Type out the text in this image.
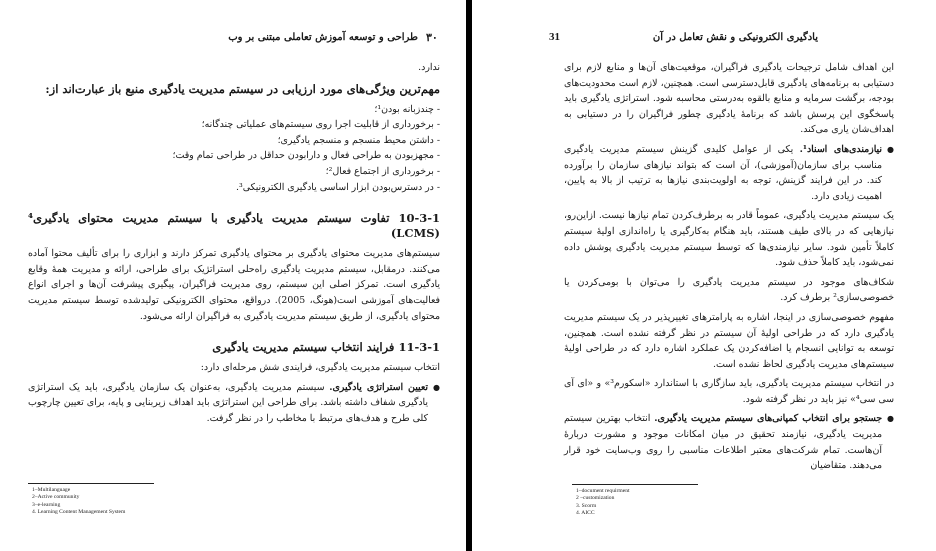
۳۰
طراحی و توسعه آموزش تعاملی مبتنی بر وب

ندارد.

مهم‌ترین ویژگی‌های مورد ارزیابی در سیستم مدیریت یادگیری منبع باز عبارت‌اند از:
- چندزبانه بودن¹؛
- برخورداری از قابلیت اجرا روی سیستم‌های عملیاتی چندگانه؛
- داشتن محیط منسجم و منسجم یادگیری؛
- مجهزبودن به طراحی فعال و دارابودن حداقل در طراحی تمام وقت؛
- برخورداری از اجتماع فعال²؛
- در دسترس‌بودن ابزار اساسی یادگیری الکترونیکی³.
10-3-1 تفاوت سیستم مدیریت یادگیری با سیستم مدیریت محتوای یادگیری⁴ (LCMS)

سیستم‌های مدیریت محتوای یادگیری بر محتوای یادگیری تمرکز دارند و ابزاری را برای تألیف محتوا آماده می‌کنند. درمقابل، سیستم مدیریت یادگیری راه‌حلی استراتژیک برای طراحی، ارائه و مدیریت همهٔ وقایع یادگیری است. تمرکز اصلی این سیستم، روی مدیریت فراگیران، پیگیری پیشرفت آن‌ها و اجرای انواع فعالیت‌های آموزشی است(هونگ، 2005). درواقع، محتوای الکترونیکی تولیدشده توسط سیستم مدیریت محتوای یادگیری، از طریق سیستم مدیریت یادگیری به فراگیران ارائه می‌شود.

11-3-1 فرایند انتخاب سیستم مدیریت یادگیری

انتخاب سیستم مدیریت یادگیری، فرایندی شش مرحله‌ای دارد:

● تعیین استراتژی یادگیری. سیستم مدیریت یادگیری، به‌عنوان یک سازمان یادگیری، باید یک استراتژی یادگیری شفاف داشته باشد. برای طراحی این استراتژی باید اهداف زیربنایی و پایه، برای تعیین چارچوب کلی طرح و هدف‌های مرتبط با مخاطب را در نظر گرفت.
1–Multilanguage
2–Active community
3–e-learning
4. Learning Content Management System
31	یادگیری الکترونیکی و نقش تعامل در آن

این اهداف شامل ترجیحات یادگیری فراگیران، موقعیت‌های آن‌ها و منابع لازم برای دستیابی به برنامه‌های یادگیری قابل‌دسترسی است. همچنین، لازم است محدودیت‌های بودجه، برگشت سرمایه و منابع بالقوه به‌درستی محاسبه شود. استراتژی یادگیری باید پاسخگوی این پرسش باشد که برنامهٔ یادگیری چطور فراگیران را در دستیابی به اهداف‌شان یاری می‌کند.

● نیازمندی‌های اسناد¹. یکی از عوامل کلیدی گزینش سیستم مدیریت یادگیری مناسب برای سازمان(آموزشی)، آن است که بتواند نیازهای سازمان را برآورده کند. در این فرایند گزینش، توجه به اولویت‌بندی نیازها به ترتیب از بالا به پایین، اهمیت زیادی دارد.

یک سیستم مدیریت یادگیری، عموماً قادر به برطرف‌کردن تمام نیازها نیست. ازاین‌رو، نیازهایی که در بالای طیف هستند، باید هنگام به‌کارگیری یا راه‌اندازی اولیهٔ سیستم کاملاً تأمین شود. سایر نیازمندی‌ها که توسط سیستم مدیریت یادگیری پوشش داده نمی‌شود، باید کاملاً حذف شود.

شکاف‌های موجود در سیستم مدیریت یادگیری را می‌توان با بومی‌کردن یا خصوصی‌سازی² برطرف کرد.

مفهوم خصوصی‌سازی در اینجا، اشاره به پارامترهای تغییرپذیر در یک سیستم مدیریت یادگیری دارد که در طراحی اولیهٔ آن سیستم در نظر گرفته نشده است. همچنین، توسعه به توانایی انسجام یا اضافه‌کردن یک عملکرد اشاره دارد که در طراحی اولیهٔ سیستم‌های مدیریت یادگیری لحاظ نشده است.

در انتخاب سیستم مدیریت یادگیری، باید سازگاری با استاندارد «اسکورم³» و «ای آی سی سی⁴» نیز باید در نظر گرفته شود.

● جستجو برای انتخاب کمپانی‌های سیستم مدیریت یادگیری. انتخاب بهترین سیستم مدیریت یادگیری، نیازمند تحقیق در میان امکانات موجود و مشورت دربارهٔ آن‌هاست. تمام شرکت‌های معتبر اطلاعات مناسبی را روی وب‌سایت خود قرار می‌دهند. متقاضیان
1–document requirment
2 –customization
3. Scorm
4. AICC
